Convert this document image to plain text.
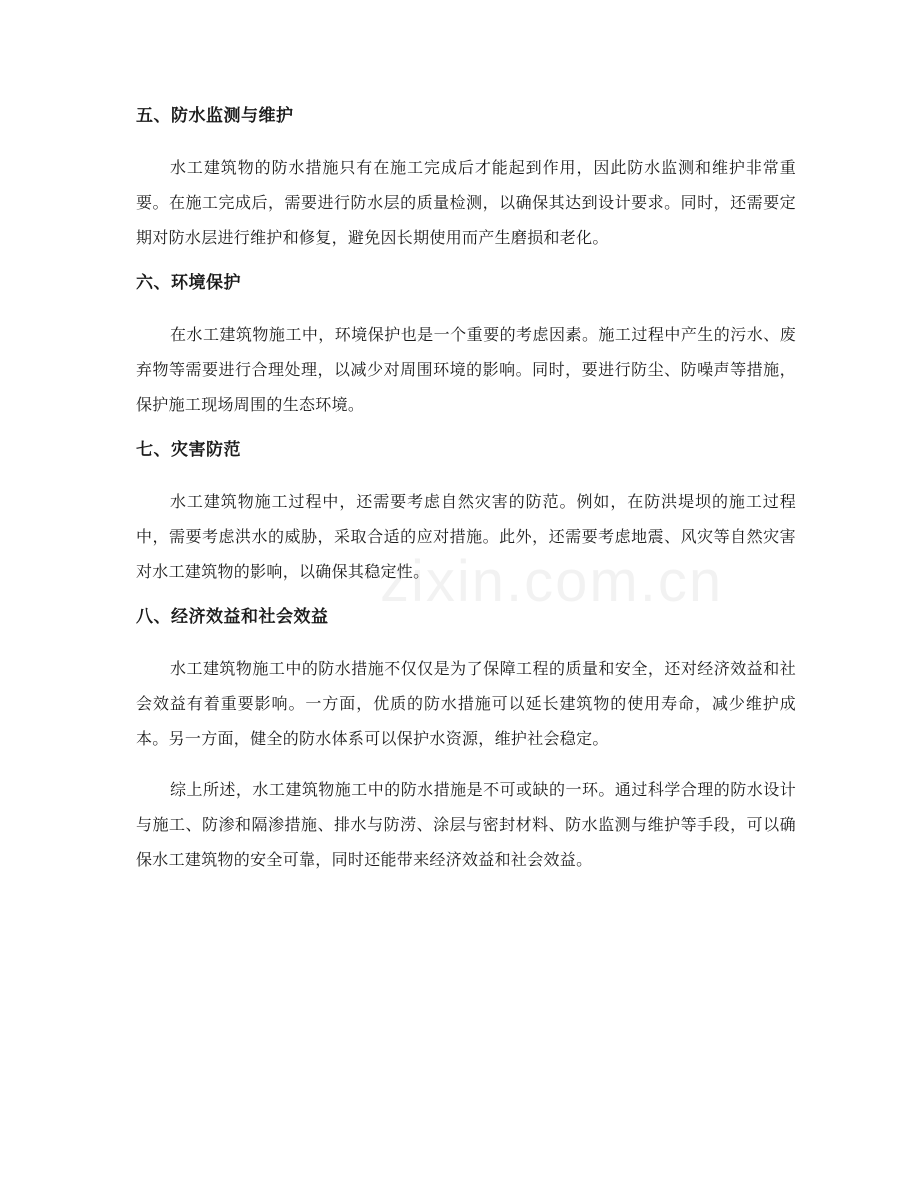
zixin.com.cn
五、防水监测与维护

水工建筑物的防水措施只有在施工完成后才能起到作用，因此防水监测和维护非常重要。在施工完成后，需要进行防水层的质量检测，以确保其达到设计要求。同时，还需要定期对防水层进行维护和修复，避免因长期使用而产生磨损和老化。

六、环境保护

在水工建筑物施工中，环境保护也是一个重要的考虑因素。施工过程中产生的污水、废弃物等需要进行合理处理，以减少对周围环境的影响。同时，要进行防尘、防噪声等措施，保护施工现场周围的生态环境。

七、灾害防范

水工建筑物施工过程中，还需要考虑自然灾害的防范。例如，在防洪堤坝的施工过程中，需要考虑洪水的威胁，采取合适的应对措施。此外，还需要考虑地震、风灾等自然灾害对水工建筑物的影响，以确保其稳定性。

八、经济效益和社会效益

水工建筑物施工中的防水措施不仅仅是为了保障工程的质量和安全，还对经济效益和社会效益有着重要影响。一方面，优质的防水措施可以延长建筑物的使用寿命，减少维护成本。另一方面，健全的防水体系可以保护水资源，维护社会稳定。

综上所述，水工建筑物施工中的防水措施是不可或缺的一环。通过科学合理的防水设计与施工、防渗和隔渗措施、排水与防涝、涂层与密封材料、防水监测与维护等手段，可以确保水工建筑物的安全可靠，同时还能带来经济效益和社会效益。
